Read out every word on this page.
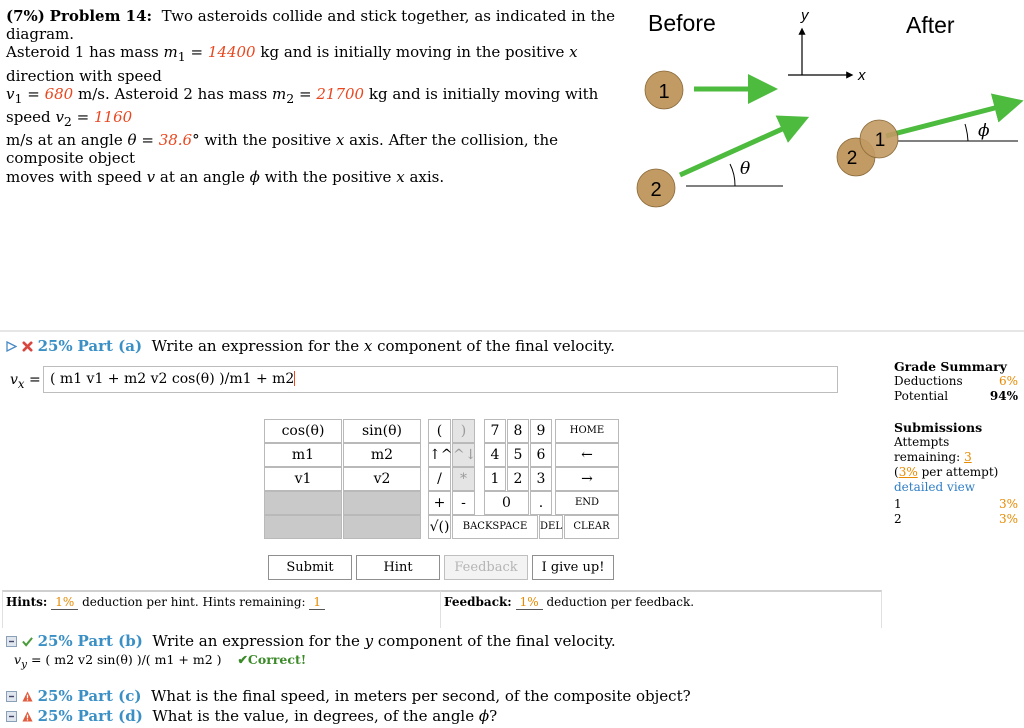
(7%) Problem 14: Two asteroids collide and stick together, as indicated in the diagram.
Asteroid 1 has mass $m_1 = 14400$ kg and is initially moving in the positive x direction with speed
$v_1 = 680$ m/s. Asteroid 2 has mass $m_2 = 21700$ kg and is initially moving with speed $v_2 = 1160$
m/s at an angle θ = 38.6° with the positive x axis. After the collision, the composite object
moves with speed v at an angle ϕ with the positive x axis.
Before	After
y
x
1
θ
2
ϕ
2
1
25% Part (a) Write an expression for the x component of the final velocity.
$v_x$ = ( m1 v1 + m2 v2 cos(θ) )/m1 + m2
cos(θ)	sin(θ)
m1	m2
v1	v2
(	)
↑^ ^↓
/	*
+	-
√()
7	8	9
4	5	6
1	2	3
0	.
HOME
←
→
END
BACKSPACE	DEL	CLEAR
Submit	Hint	Feedback	I give up!
Grade Summary
Deductions	6%
Potential	94%
Submissions
Attempts remaining: 3
(3% per attempt)
detailed view
1	3%
2	3%
Hints: 1% deduction per hint. Hints remaining: 1	Feedback: 1% deduction per feedback.
25% Part (b) Write an expression for the y component of the final velocity.
$v_y$ = ( m2 v2 sin(θ) )/( m1 + m2 ) ✔Correct!
25% Part (c) What is the final speed, in meters per second, of the composite object?
25% Part (d) What is the value, in degrees, of the angle ϕ?
